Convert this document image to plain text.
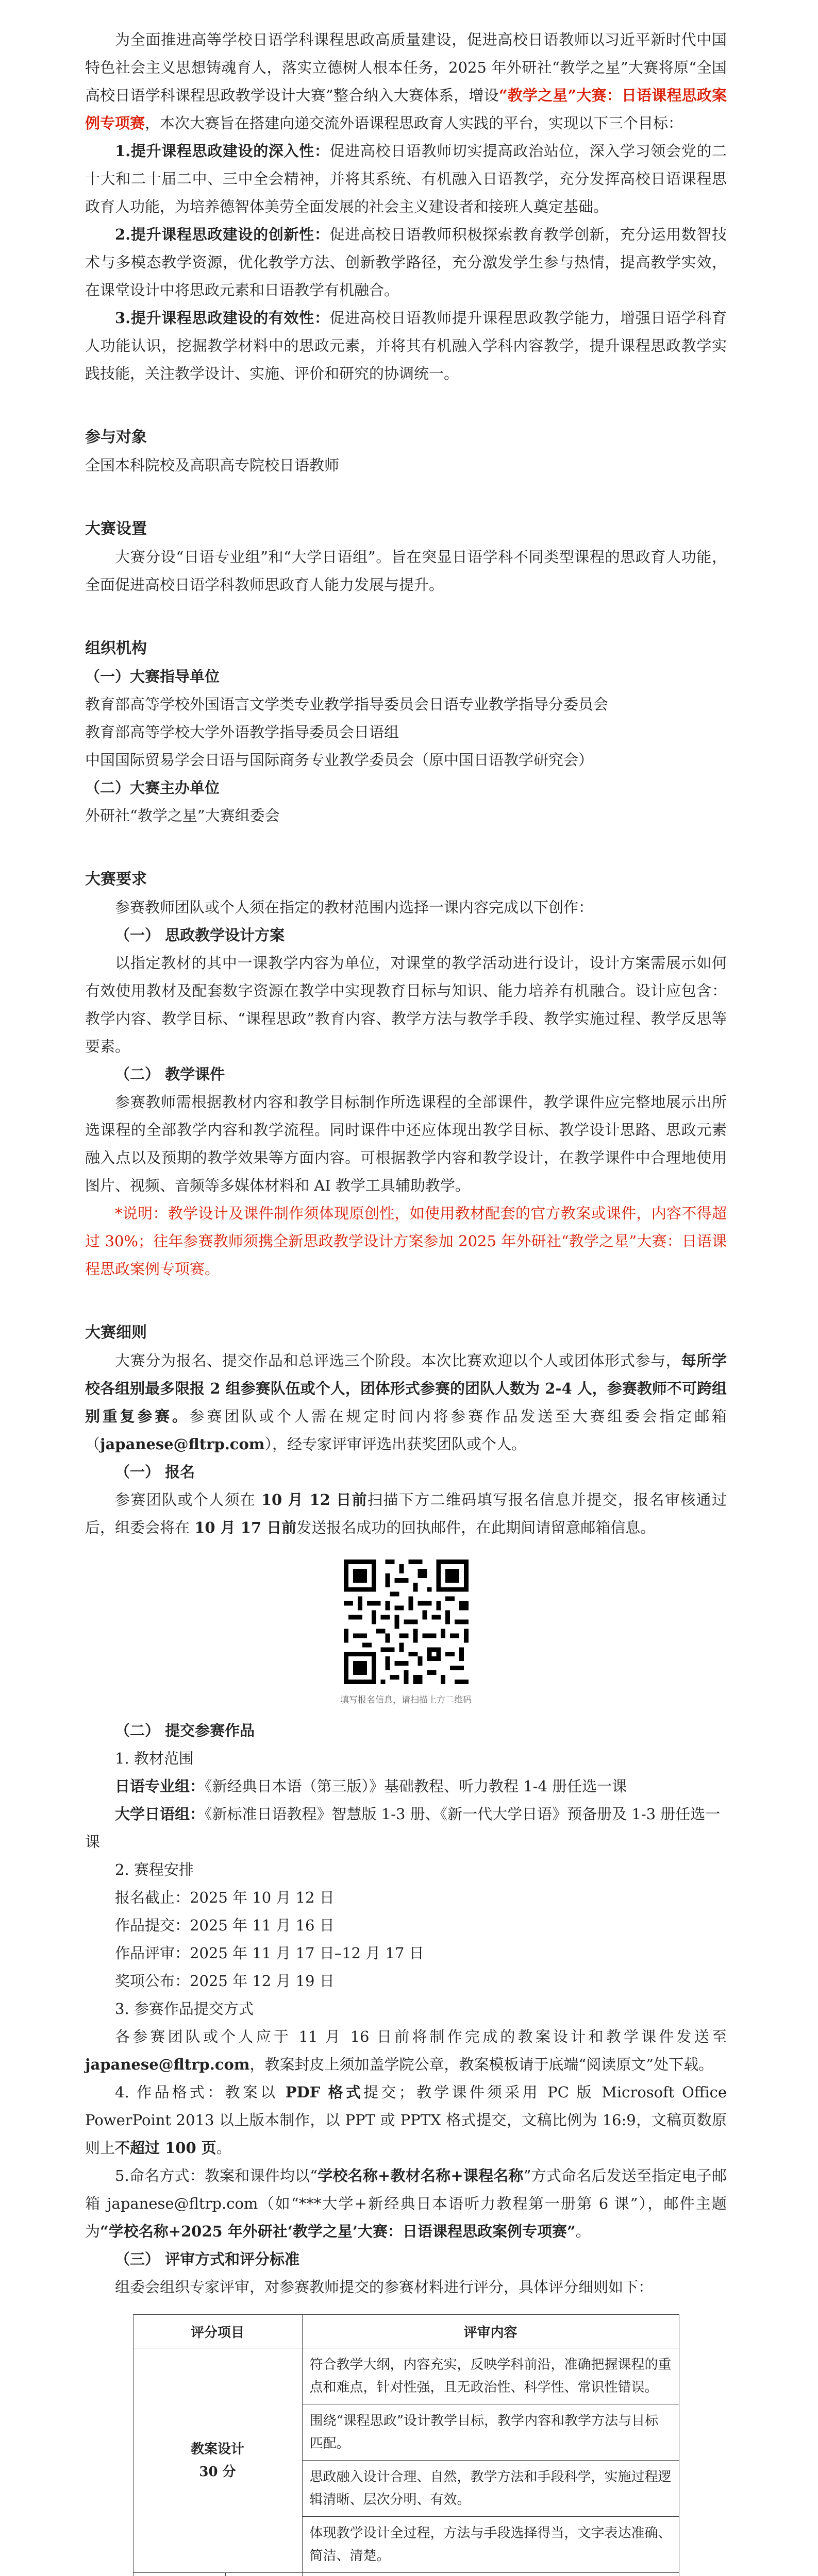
为全面推进高等学校日语学科课程思政高质量建设，促进高校日语教师以习近平新时代中国特色社会主义思想铸魂育人，落实立德树人根本任务，2025 年外研社“教学之星”大赛将原“全国高校日语学科课程思政教学设计大赛”整合纳入大赛体系，增设“教学之星”大赛：日语课程思政案例专项赛，本次大赛旨在搭建向递交流外语课程思政育人实践的平台，实现以下三个目标：

1.提升课程思政建设的深入性：促进高校日语教师切实提高政治站位，深入学习领会党的二十大和二十届二中、三中全会精神，并将其系统、有机融入日语教学，充分发挥高校日语课程思政育人功能，为培养德智体美劳全面发展的社会主义建设者和接班人奠定基础。

2.提升课程思政建设的创新性：促进高校日语教师积极探索教育教学创新，充分运用数智技术与多模态教学资源，优化教学方法、创新教学路径，充分激发学生参与热情，提高教学实效，在课堂设计中将思政元素和日语教学有机融合。

3.提升课程思政建设的有效性：促进高校日语教师提升课程思政教学能力，增强日语学科育人功能认识，挖掘教学材料中的思政元素，并将其有机融入学科内容教学，提升课程思政教学实践技能，关注教学设计、实施、评价和研究的协调统一。

参与对象

全国本科院校及高职高专院校日语教师

大赛设置

大赛分设“日语专业组”和“大学日语组”。旨在突显日语学科不同类型课程的思政育人功能，全面促进高校日语学科教师思政育人能力发展与提升。

组织机构

（一）大赛指导单位

教育部高等学校外国语言文学类专业教学指导委员会日语专业教学指导分委员会

教育部高等学校大学外语教学指导委员会日语组

中国国际贸易学会日语与国际商务专业教学委员会（原中国日语教学研究会）

（二）大赛主办单位

外研社“教学之星”大赛组委会

大赛要求

参赛教师团队或个人须在指定的教材范围内选择一课内容完成以下创作：

（一） 思政教学设计方案

以指定教材的其中一课教学内容为单位，对课堂的教学活动进行设计，设计方案需展示如何有效使用教材及配套数字资源在教学中实现教育目标与知识、能力培养有机融合。设计应包含：教学内容、教学目标、“课程思政”教育内容、教学方法与教学手段、教学实施过程、教学反思等要素。

（二） 教学课件

参赛教师需根据教材内容和教学目标制作所选课程的全部课件，教学课件应完整地展示出所选课程的全部教学内容和教学流程。同时课件中还应体现出教学目标、教学设计思路、思政元素融入点以及预期的教学效果等方面内容。可根据教学内容和教学设计，在教学课件中合理地使用图片、视频、音频等多媒体材料和 AI 教学工具辅助教学。

*说明：教学设计及课件制作须体现原创性，如使用教材配套的官方教案或课件，内容不得超过 30%；往年参赛教师须携全新思政教学设计方案参加 2025 年外研社“教学之星”大赛：日语课程思政案例专项赛。

大赛细则

大赛分为报名、提交作品和总评选三个阶段。本次比赛欢迎以个人或团体形式参与，每所学校各组别最多限报 2 组参赛队伍或个人，团体形式参赛的团队人数为 2-4 人，参赛教师不可跨组别重复参赛。参赛团队或个人需在规定时间内将参赛作品发送至大赛组委会指定邮箱（japanese@fltrp.com），经专家评审评选出获奖团队或个人。

（一） 报名

参赛团队或个人须在 10 月 12 日前扫描下方二维码填写报名信息并提交，报名审核通过后，组委会将在 10 月 17 日前发送报名成功的回执邮件，在此期间请留意邮箱信息。

填写报名信息，请扫描上方二维码

（二） 提交参赛作品

1. 教材范围

日语专业组：《新经典日本语（第三版）》基础教程、听力教程 1-4 册任选一课

大学日语组：《新标准日语教程》智慧版 1-3 册、《新一代大学日语》预备册及 1-3 册任选一课

2. 赛程安排

报名截止：2025 年 10 月 12 日

作品提交：2025 年 11 月 16 日

作品评审：2025 年 11 月 17 日–12 月 17 日

奖项公布：2025 年 12 月 19 日

3. 参赛作品提交方式

各参赛团队或个人应于 11 月 16 日前将制作完成的教案设计和教学课件发送至 japanese@fltrp.com，教案封皮上须加盖学院公章，教案模板请于底端“阅读原文”处下载。

4. 作品格式：教案以 PDF 格式提交；教学课件须采用 PC 版 Microsoft Office PowerPoint 2013 以上版本制作，以 PPT 或 PPTX 格式提交，文稿比例为 16:9，文稿页数原则上不超过 100 页。

5.命名方式：教案和课件均以“学校名称+教材名称+课程名称”方式命名后发送至指定电子邮箱 japanese@fltrp.com（如“***大学+新经典日本语听力教程第一册第 6 课”），邮件主题为“学校名称+2025 年外研社‘教学之星’大赛：日语课程思政案例专项赛”。

（三） 评审方式和评分标准

组委会组织专家评审，对参赛教师提交的参赛材料进行评分，具体评分细则如下：

评分项目		评审内容
教案设计
30 分		符合教学大纲，内容充实，反映学科前沿，准确把握课程的重点和难点，针对性强，且无政治性、科学性、常识性错误。
		围绕“课程思政”设计教学目标，教学内容和教学方法与目标匹配。
		思政融入设计合理、自然，教学方法和手段科学，实施过程逻辑清晰、层次分明、有效。
		体现教学设计全过程，方法与手段选择得当，文字表达准确、简洁、清楚。
